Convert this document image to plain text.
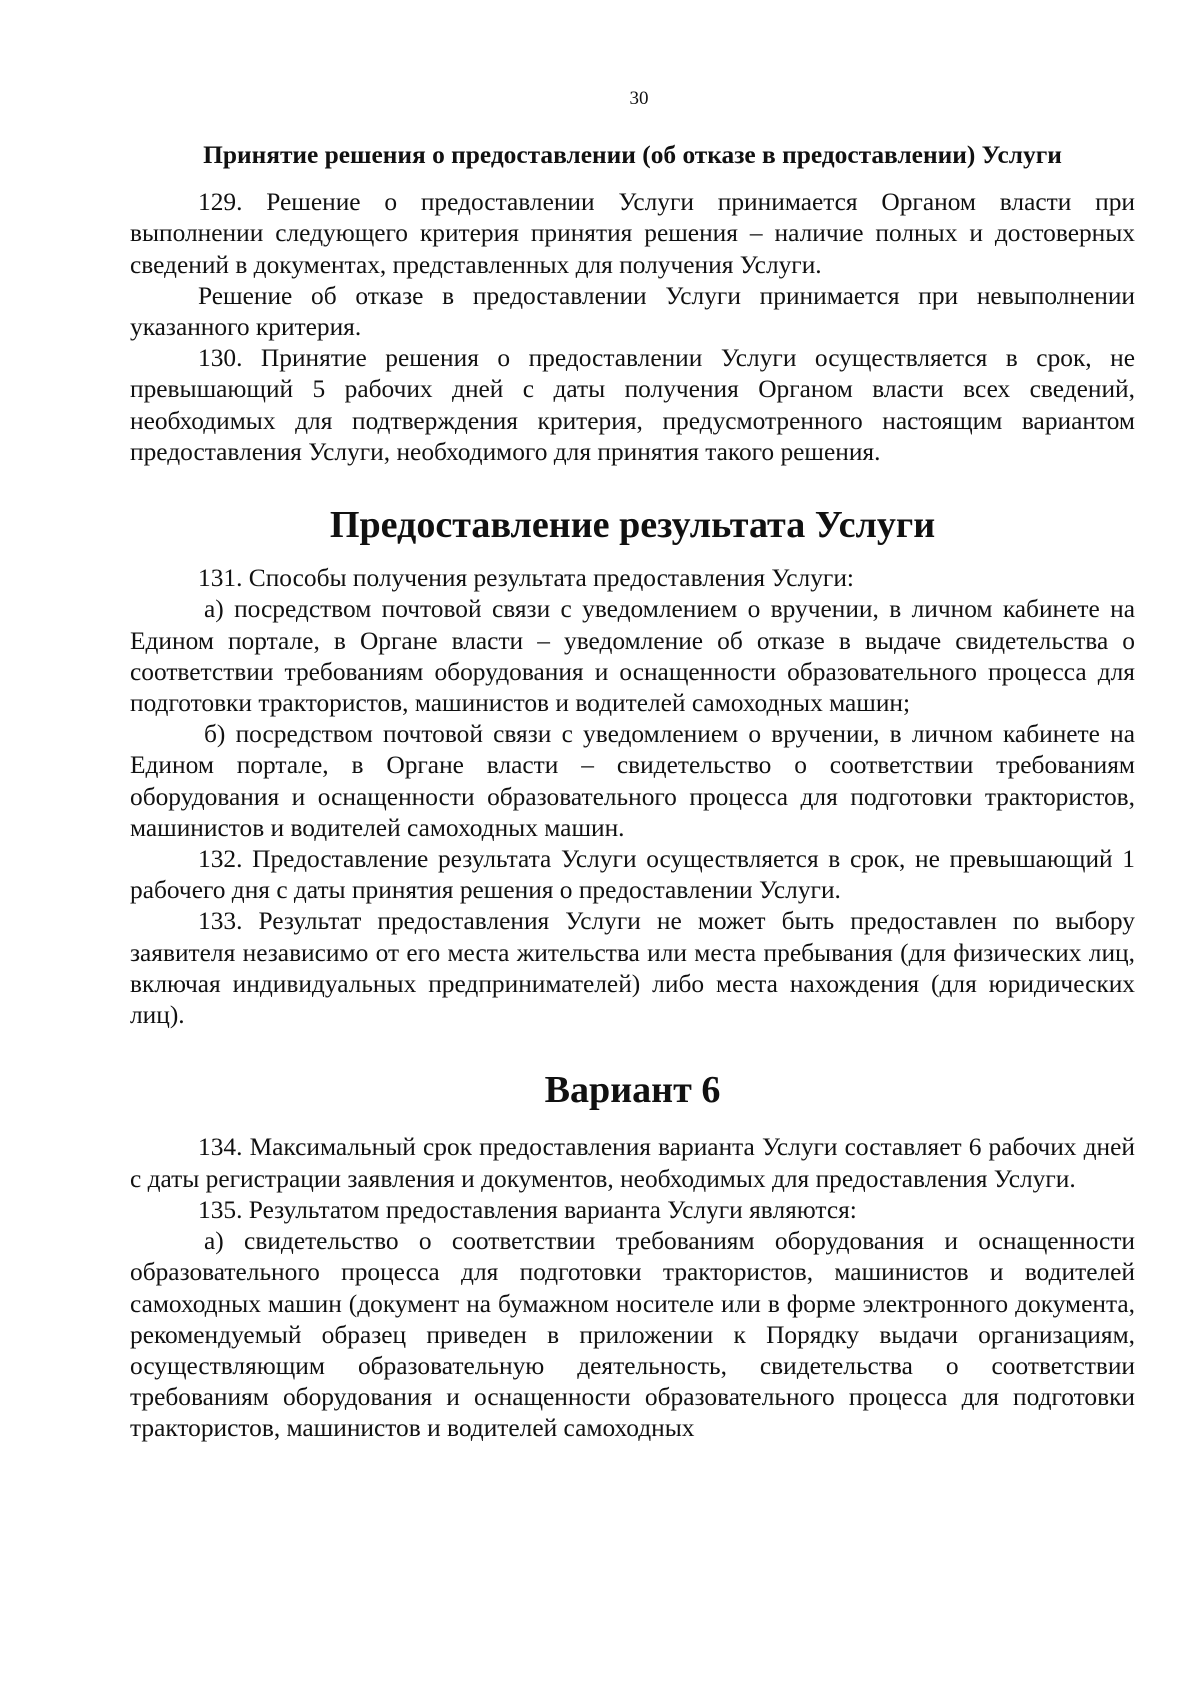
30
Принятие решения о предоставлении (об отказе в предоставлении) Услуги

129. Решение о предоставлении Услуги принимается Органом власти при выполнении следующего критерия принятия решения – наличие полных и достоверных сведений в документах, представленных для получения Услуги.

Решение об отказе в предоставлении Услуги принимается при невыполнении указанного критерия.

130. Принятие решения о предоставлении Услуги осуществляется в срок, не превышающий 5 рабочих дней с даты получения Органом власти всех сведений, необходимых для подтверждения критерия, предусмотренного настоящим вариантом предоставления Услуги, необходимого для принятия такого решения.

Предоставление результата Услуги

131. Способы получения результата предоставления Услуги:

а) посредством почтовой связи с уведомлением о вручении, в личном кабинете на Едином портале, в Органе власти – уведомление об отказе в выдаче свидетельства о соответствии требованиям оборудования и оснащенности образовательного процесса для подготовки трактористов, машинистов и водителей самоходных машин;

б) посредством почтовой связи с уведомлением о вручении, в личном кабинете на Едином портале, в Органе власти – свидетельство о соответствии требованиям оборудования и оснащенности образовательного процесса для подготовки трактористов, машинистов и водителей самоходных машин.

132. Предоставление результата Услуги осуществляется в срок, не превышающий 1 рабочего дня с даты принятия решения о предоставлении Услуги.

133. Результат предоставления Услуги не может быть предоставлен по выбору заявителя независимо от его места жительства или места пребывания (для физических лиц, включая индивидуальных предпринимателей) либо места нахождения (для юридических лиц).

Вариант 6

134. Максимальный срок предоставления варианта Услуги составляет 6 рабочих дней с даты регистрации заявления и документов, необходимых для предоставления Услуги.

135. Результатом предоставления варианта Услуги являются:

а) свидетельство о соответствии требованиям оборудования и оснащенности образовательного процесса для подготовки трактористов, машинистов и водителей самоходных машин (документ на бумажном носителе или в форме электронного документа, рекомендуемый образец приведен в приложении к Порядку выдачи организациям, осуществляющим образовательную деятельность, свидетельства о соответствии требованиям оборудования и оснащенности образовательного процесса для подготовки трактористов, машинистов и водителей самоходных
